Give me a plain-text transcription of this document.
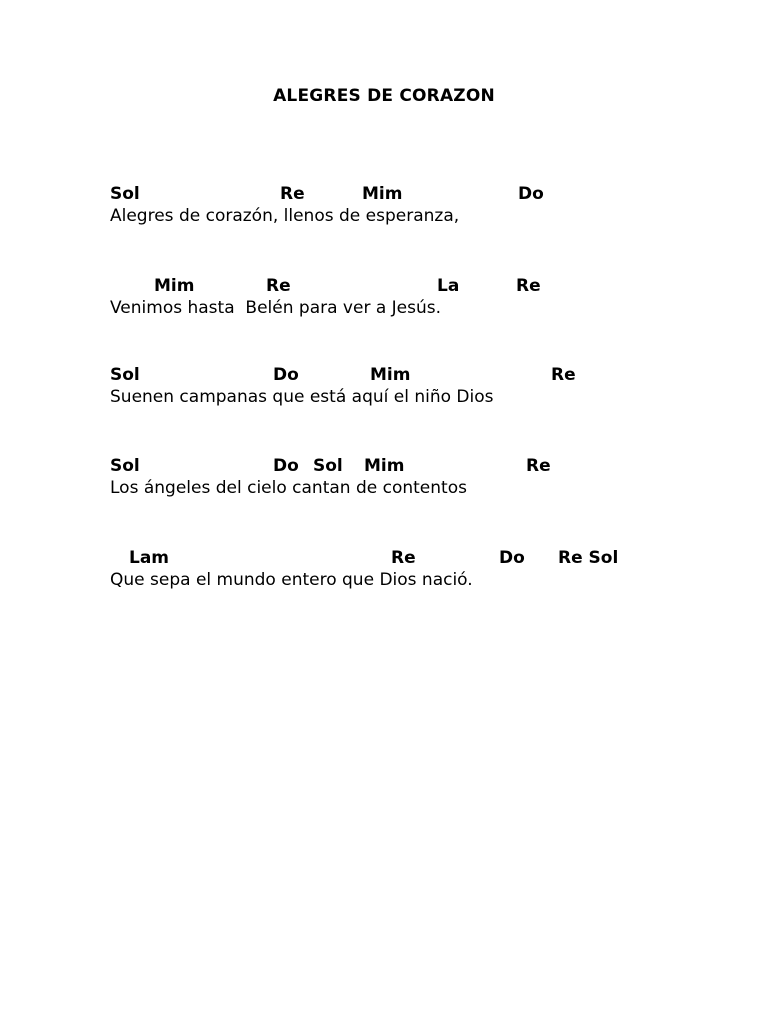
ALEGRES DE CORAZON
Sol	Re	Mim	Do
Alegres de corazón, llenos de esperanza,
Mim	Re	La	Re
Venimos hasta  Belén para ver a Jesús.
Sol	Do	Mim	Re
Suenen campanas que está aquí el niño Dios
Sol	Do Sol Mim	Re
Los ángeles del cielo cantan de contentos
Lam	Re	Do Re Sol
Que sepa el mundo entero que Dios nació.
